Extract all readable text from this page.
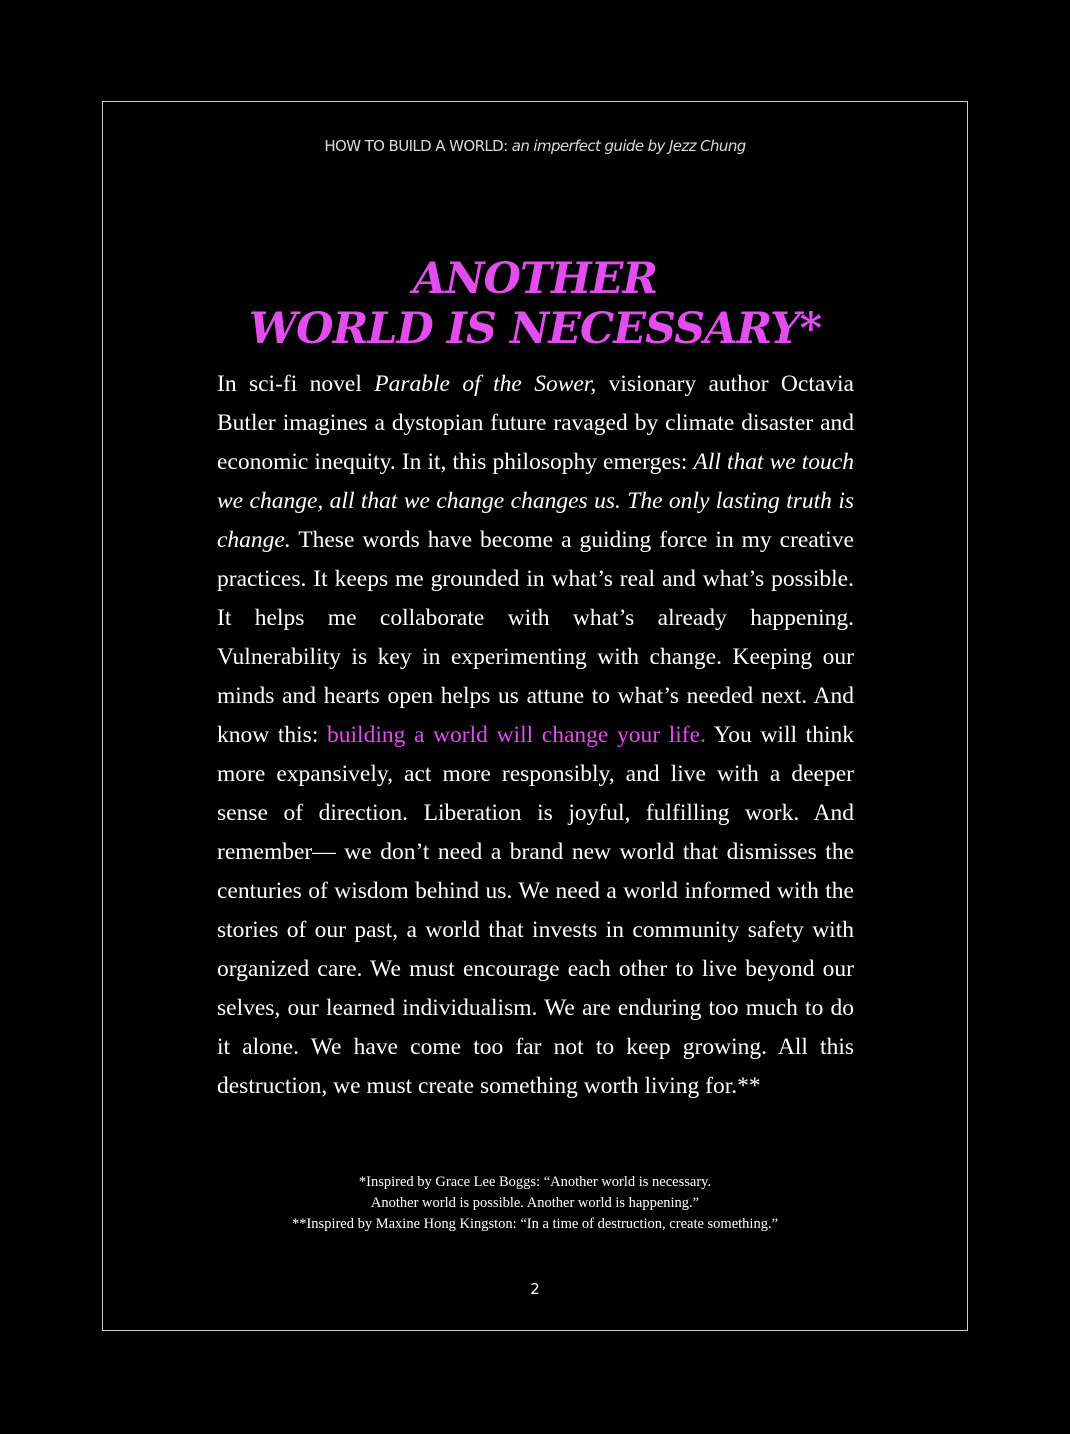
HOW TO BUILD A WORLD: an imperfect guide by Jezz Chung
ANOTHER
WORLD IS NECESSARY*

In sci-fi novel Parable of the Sower, visionary author Octavia Butler imagines a dystopian future ravaged by climate disaster and economic inequity. In it, this philosophy emerges: All that we touch we change, all that we change changes us. The only lasting truth is change. These words have become a guiding force in my creative practices. It keeps me grounded in what’s real and what’s possible. It helps me collaborate with what’s already happening. Vulnerability is key in experimenting with change. Keeping our minds and hearts open helps us attune to what’s needed next. And know this: building a world will change your life. You will think more expansively, act more responsibly, and live with a deeper sense of direction. Liberation is joyful, fulfilling work. And remember— we don’t need a brand new world that dismisses the centuries of wisdom behind us. We need a world informed with the stories of our past, a world that invests in community safety with organized care. We must encourage each other to live beyond our selves, our learned individualism. We are enduring too much to do it alone. We have come too far not to keep growing. All this destruction, we must create something worth living for.**

*Inspired by Grace Lee Boggs: “Another world is necessary.
Another world is possible. Another world is happening.”
**Inspired by Maxine Hong Kingston: “In a time of destruction, create something.”
2
